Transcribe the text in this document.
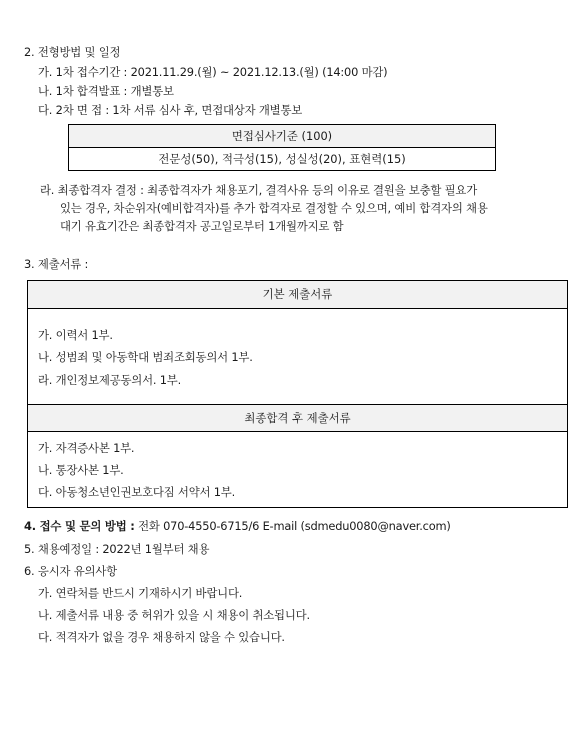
2. 전형방법 및 일정
가. 1차 접수기간 : 2021.11.29.(월) ~ 2021.12.13.(월) (14:00 마감)
나. 1차 합격발표 : 개별통보
다. 2차 면 접 : 1차 서류 심사 후, 면접대상자 개별통보
면접심사기준 (100)
전문성(50), 적극성(15), 성실성(20), 표현력(15)
라. 최종합격자 결정 : 최종합격자가 채용포기, 결격사유 등의 이유로 결원을 보충할 필요가
있는 경우, 차순위자(예비합격자)를 추가 합격자로 결정할 수 있으며, 예비 합격자의 채용
대기 유효기간은 최종합격자 공고일로부터 1개월까지로 함
3. 제출서류 :
기본 제출서류
가. 이력서 1부.
나. 성범죄 및 아동학대 범죄조회동의서 1부.
라. 개인정보제공동의서. 1부.
최종합격 후 제출서류
가. 자격증사본 1부.
나. 통장사본 1부.
다. 아동청소년인권보호다짐 서약서 1부.
4. 접수 및 문의 방법 : 전화 070-4550-6715/6 E-mail (sdmedu0080@naver.com)
5. 채용예정일 : 2022년 1월부터 채용
6. 응시자 유의사항
가. 연락처를 반드시 기재하시기 바랍니다.
나. 제출서류 내용 중 허위가 있을 시 채용이 취소됩니다.
다. 적격자가 없을 경우 채용하지 않을 수 있습니다.
